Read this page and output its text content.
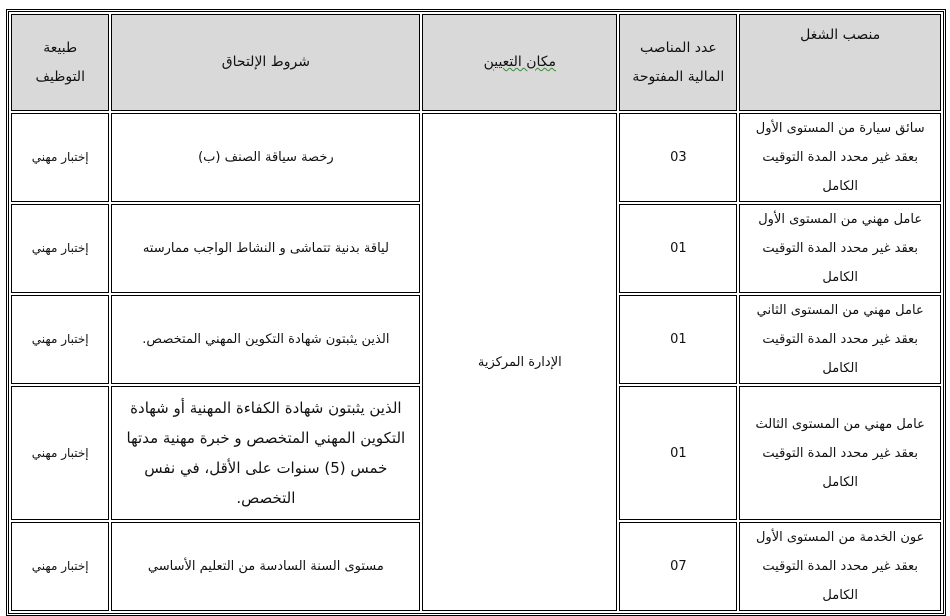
منصب الشغل	عدد المناصب المالية المفتوحة	مكان التعيين	شروط الإلتحاق	طبيعة التوظيف
سائق سيارة من المستوى الأول بعقد غير محدد المدة التوقيت الكامل	03	الإدارة المركزية	رخصة سياقة الصنف (ب)	إختبار مهني
عامل مهني من المستوى الأول بعقد غير محدد المدة التوقيت الكامل	01		لياقة بدنية تتماشى و النشاط الواجب ممارسته	إختبار مهني
عامل مهني من المستوى الثاني بعقد غير محدد المدة التوقيت الكامل	01		الذين يثبتون شهادة التكوين المهني المتخصص.	إختبار مهني
عامل مهني من المستوى الثالث بعقد غير محدد المدة التوقيت الكامل	01		الذين يثبتون شهادة الكفاءة المهنية أو شهادة التكوين المهني المتخصص و خبرة مهنية مدتها خمس (5) سنوات على الأقل، في نفس التخصص.	إختبار مهني
عون الخدمة من المستوى الأول بعقد غير محدد المدة التوقيت الكامل	07		مستوى السنة السادسة من التعليم الأساسي	إختبار مهني
